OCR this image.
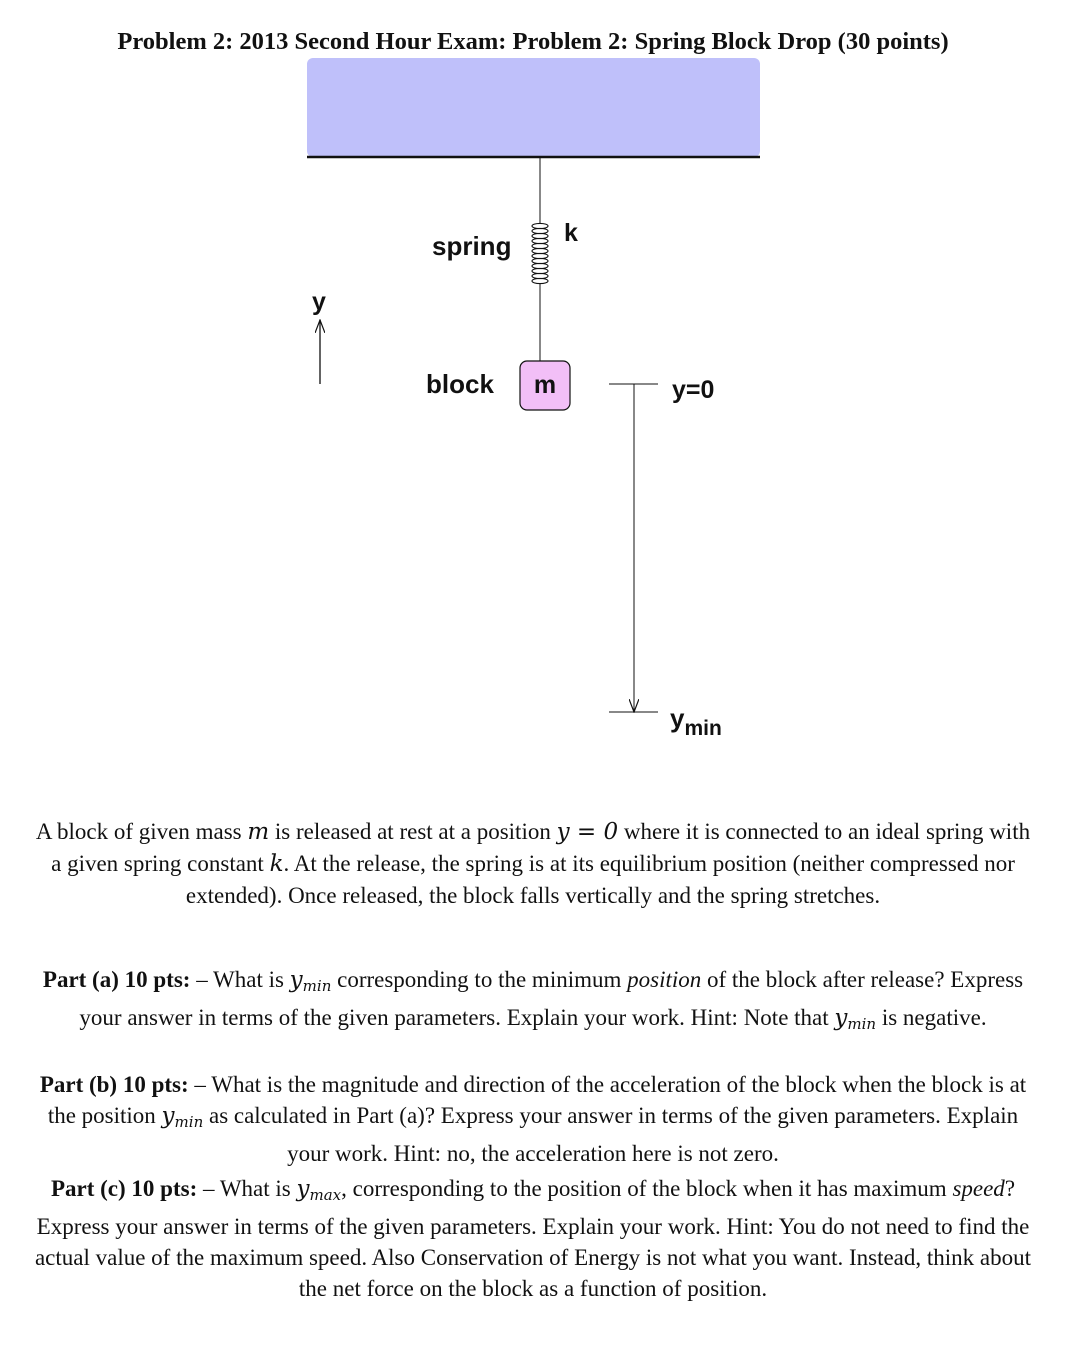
Problem 2: 2013 Second Hour Exam: Problem 2: Spring Block Drop (30 points)
spring k
y
block m	y=0
$y_{min}$
A block of given mass m is released at rest at a position y = 0 where it is connected to an ideal spring with a given spring constant k. At the release, the spring is at its equilibrium position (neither compressed nor extended). Once released, the block falls vertically and the spring stretches.
Part (a) 10 pts: – What is $y_{min}$ corresponding to the minimum position of the block after release? Express your answer in terms of the given parameters. Explain your work. Hint: Note that $y_{min}$ is negative.
Part (b) 10 pts: – What is the magnitude and direction of the acceleration of the block when the block is at the position $y_{min}$ as calculated in Part (a)? Express your answer in terms of the given parameters. Explain your work. Hint: no, the acceleration here is not zero.
Part (c) 10 pts: – What is $y_{max}$, corresponding to the position of the block when it has maximum speed? Express your answer in terms of the given parameters. Explain your work. Hint: You do not need to find the actual value of the maximum speed. Also Conservation of Energy is not what you want. Instead, think about the net force on the block as a function of position.
